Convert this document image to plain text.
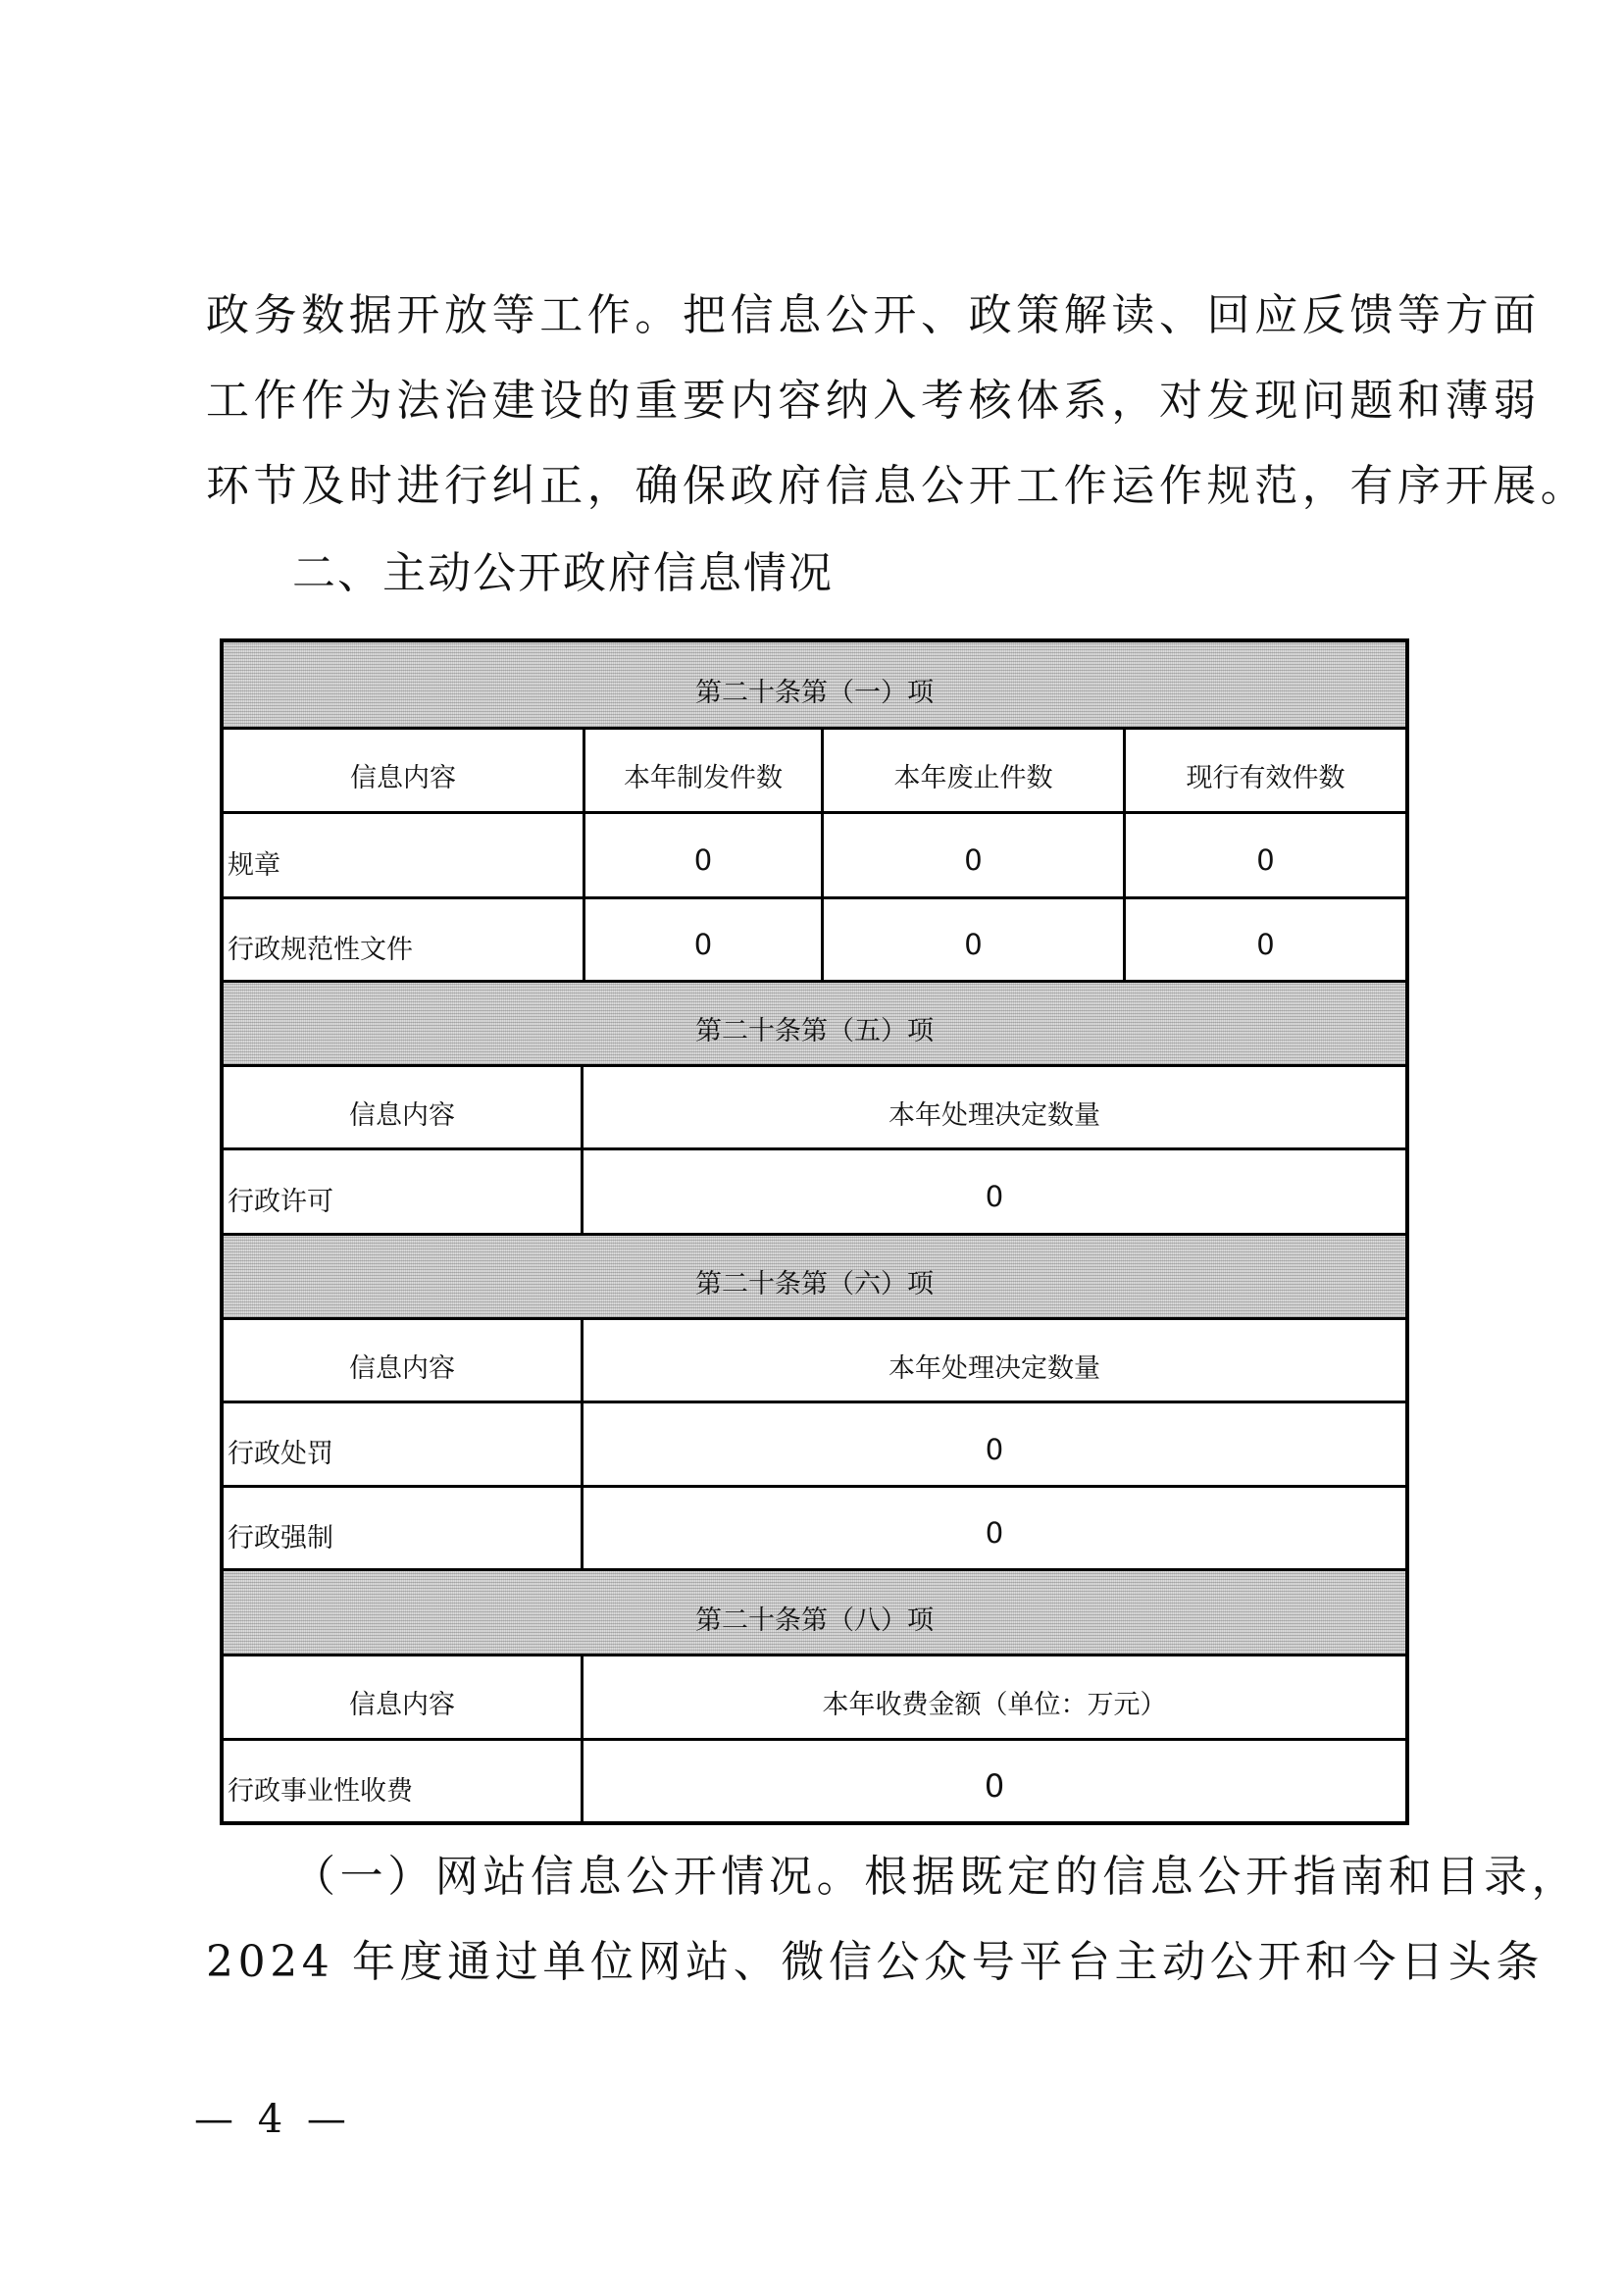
政务数据开放等工作。把信息公开、政策解读、回应反馈等方面
工作作为法治建设的重要内容纳入考核体系，对发现问题和薄弱
环节及时进行纠正，确保政府信息公开工作运作规范，有序开展。
二、主动公开政府信息情况
第二十条第（一）项
信息内容	本年制发件数	本年废止件数	现行有效件数
规章	0	0	0
行政规范性文件	0	0	0
第二十条第（五）项
信息内容	本年处理决定数量
行政许可	0
第二十条第（六）项
信息内容	本年处理决定数量
行政处罚	0
行政强制	0
第二十条第（八）项
信息内容	本年收费金额（单位：万元）
行政事业性收费	0
（一）网站信息公开情况。根据既定的信息公开指南和目录，
2024 年度通过单位网站、微信公众号平台主动公开和今日头条
— 4 —
